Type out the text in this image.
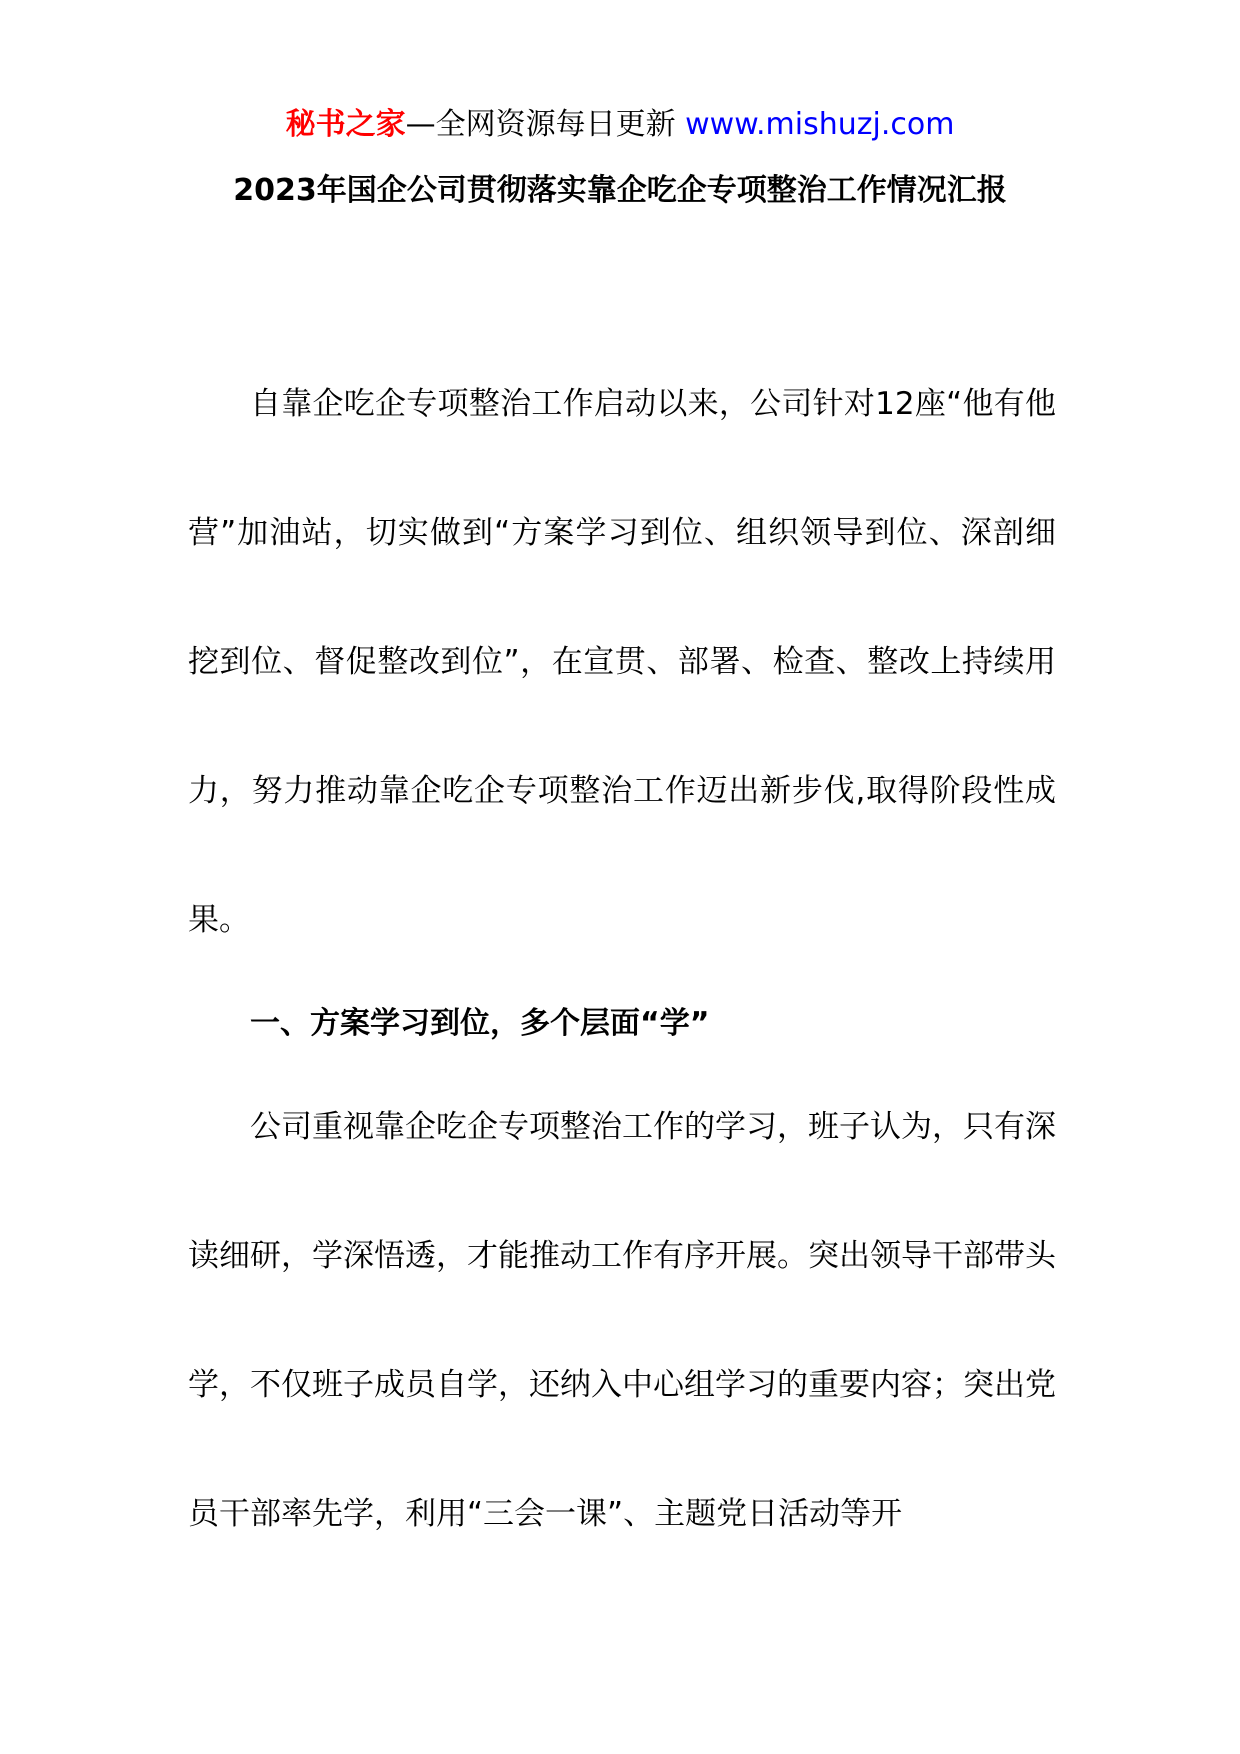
秘书之家—全网资源每日更新 www.mishuzj.com
2023年国企公司贯彻落实靠企吃企专项整治工作情况汇报

自靠企吃企专项整治工作启动以来，公司针对12座“他有他营”加油站，切实做到“方案学习到位、组织领导到位、深剖细挖到位、督促整改到位”，在宣贯、部署、检查、整改上持续用力，努力推动靠企吃企专项整治工作迈出新步伐,取得阶段性成果。

一、方案学习到位，多个层面“学”

公司重视靠企吃企专项整治工作的学习，班子认为，只有深读细研，学深悟透，才能推动工作有序开展。突出领导干部带头学，不仅班子成员自学，还纳入中心组学习的重要内容；突出党员干部率先学，利用“三会一课”、主题党日活动等开
